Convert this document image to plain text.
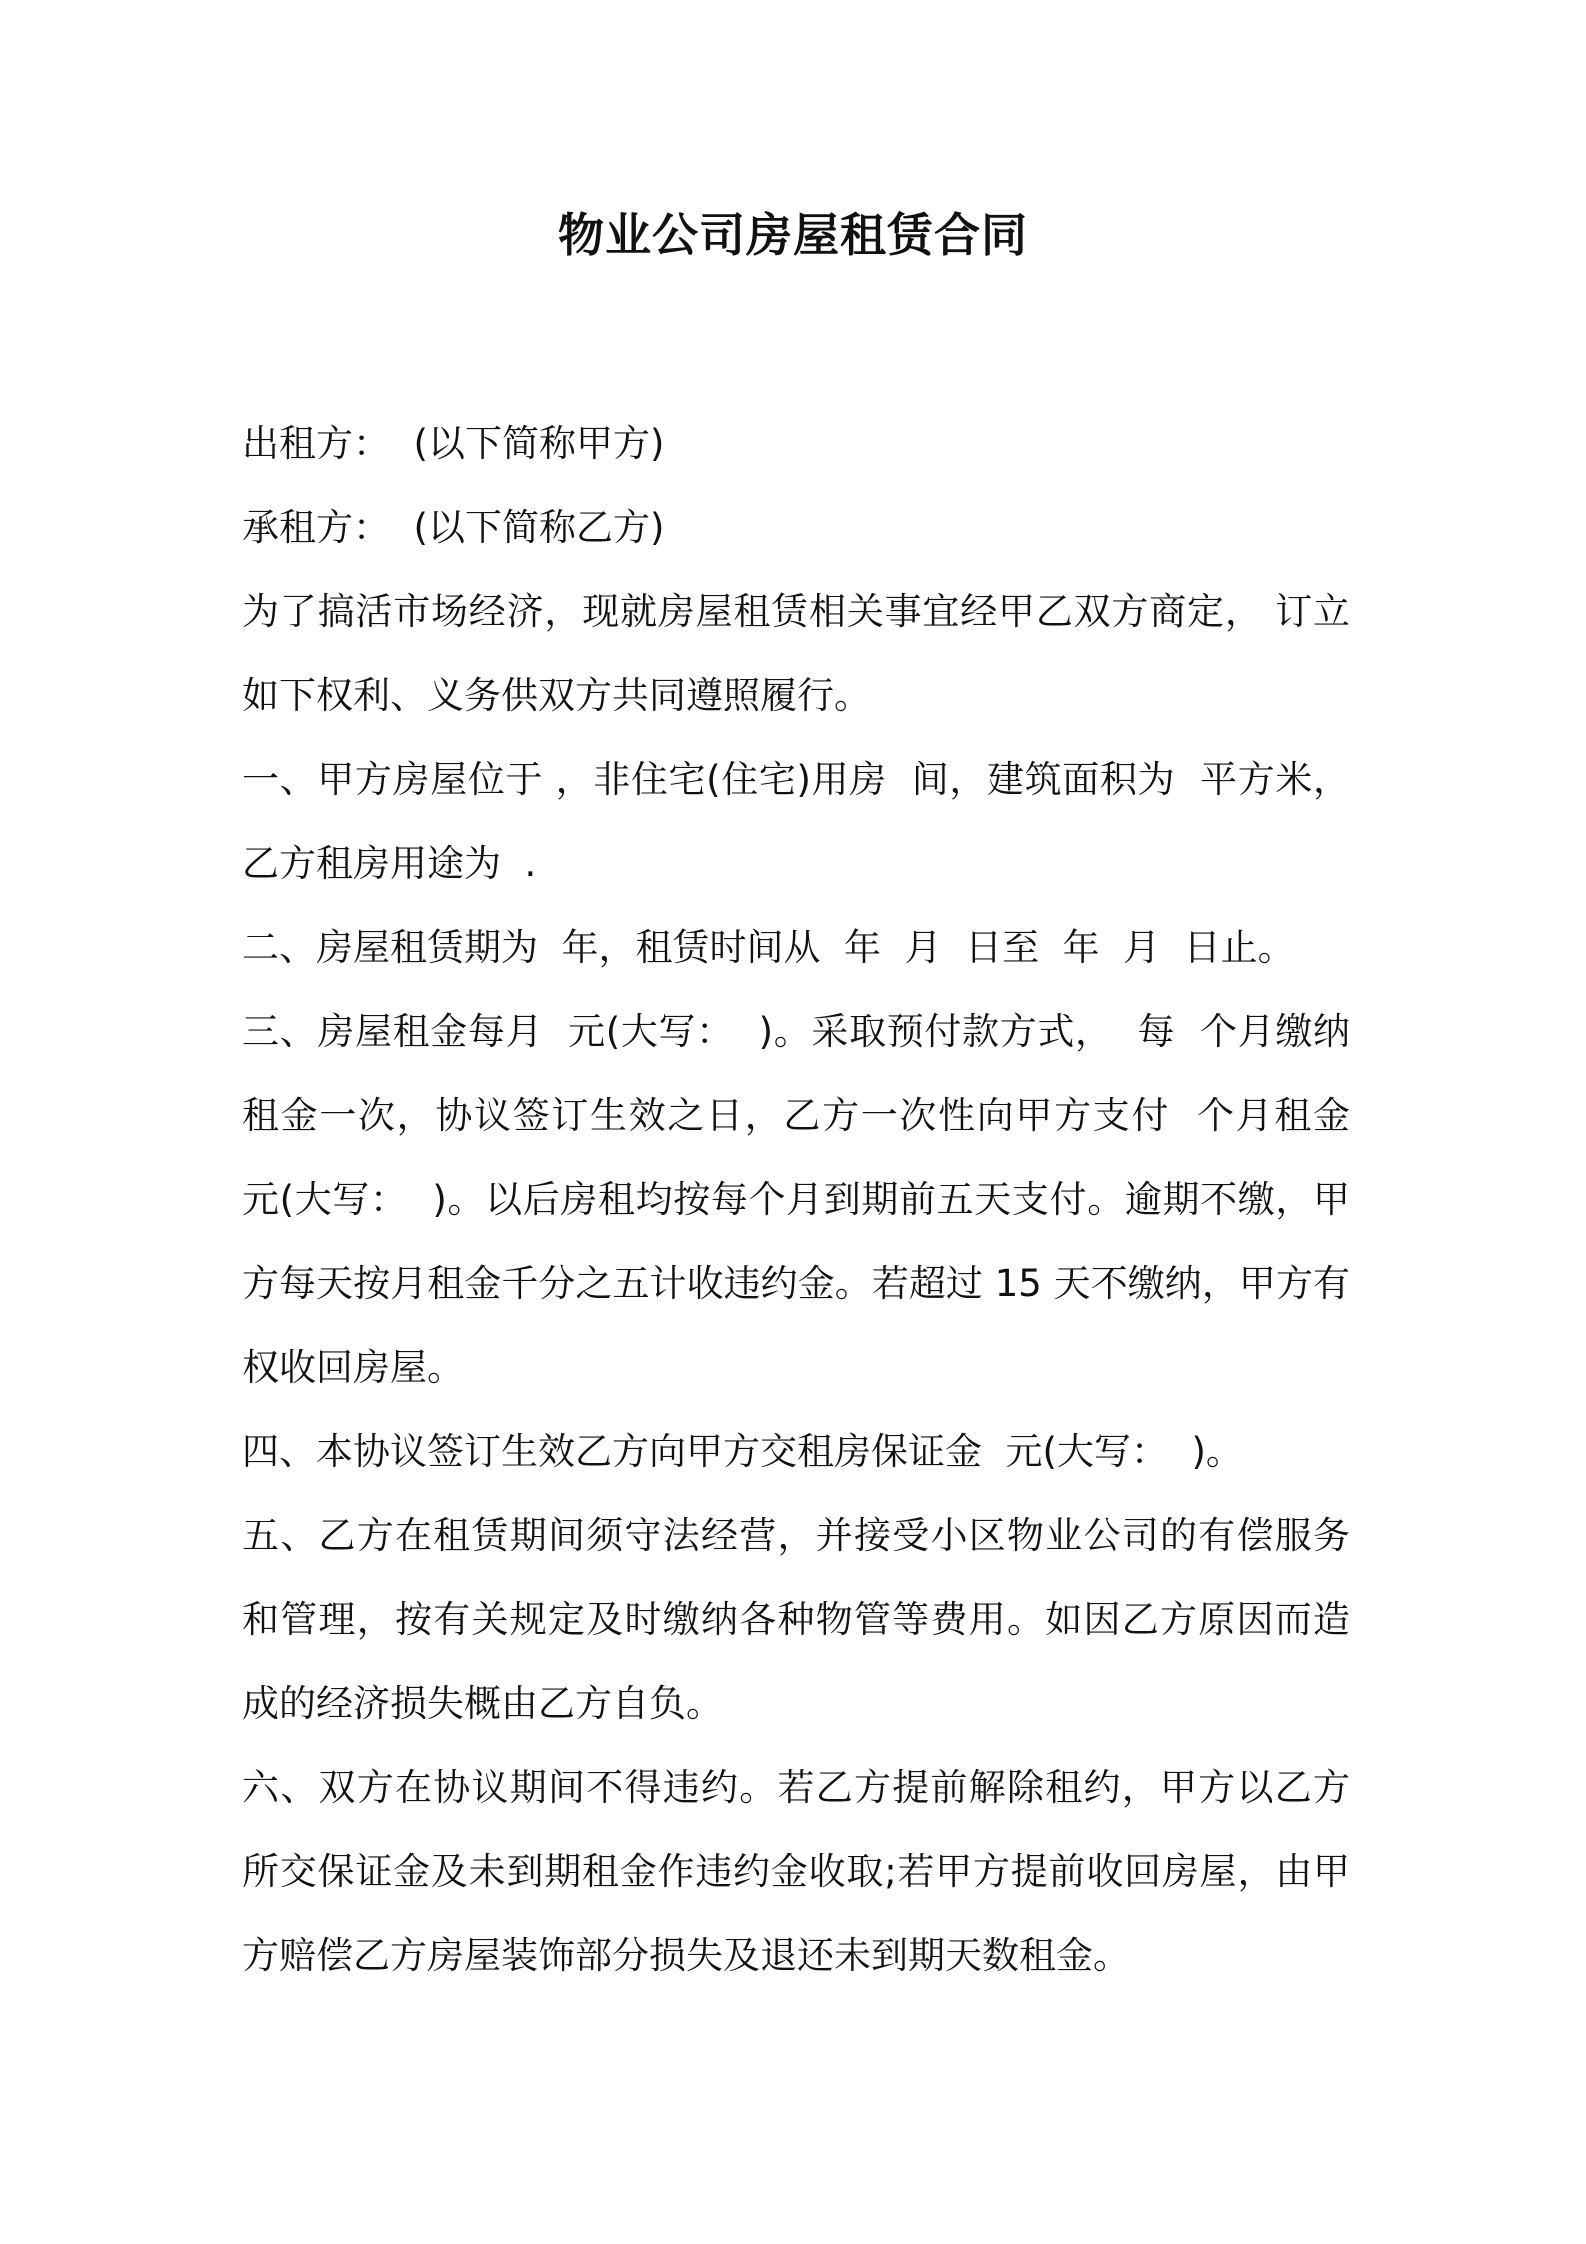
物业公司房屋租赁合同

出租方：  (以下简称甲方)

承租方：  (以下简称乙方)

为了搞活市场经济，现就房屋租赁相关事宜经甲乙双方商定， 订立如下权利、义务供双方共同遵照履行。

一、甲方房屋位于 ，非住宅(住宅)用房  间，建筑面积为  平方米，乙方租房用途为  .

二、房屋租赁期为  年，租赁时间从  年  月  日至  年  月  日止。

三、房屋租金每月  元(大写：  )。采取预付款方式，  每  个月缴纳租金一次，协议签订生效之日，乙方一次性向甲方支付  个月租金  元(大写：  )。以后房租均按每个月到期前五天支付。逾期不缴，甲方每天按月租金千分之五计收违约金。若超过 15 天不缴纳，甲方有权收回房屋。

四、本协议签订生效乙方向甲方交租房保证金  元(大写：  )。

五、乙方在租赁期间须守法经营，并接受小区物业公司的有偿服务和管理，按有关规定及时缴纳各种物管等费用。如因乙方原因而造成的经济损失概由乙方自负。

六、双方在协议期间不得违约。若乙方提前解除租约，甲方以乙方所交保证金及未到期租金作违约金收取;若甲方提前收回房屋，由甲方赔偿乙方房屋装饰部分损失及退还未到期天数租金。
